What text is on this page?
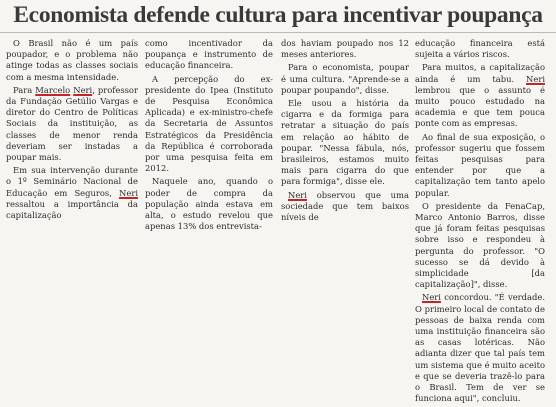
Economista defende cultura para incentivar poupança

O Brasil não é um país poupador, e o problema não atinge todas as classes sociais com a mesma intensidade.

Para Marcelo Neri, professor da Fundação Getúlio Vargas e diretor do Centro de Políticas Sociais da instituição, as classes de menor renda deveriam ser instadas a poupar mais.

Em sua intervenção durante o 1º Seminário Nacional de Educação em Seguros, Neri ressaltou a importância da capitalização

como incentivador da poupança e instrumento de educação financeira.

A percepção do ex-presidente do Ipea (Instituto de Pesquisa Econômica Aplicada) e ex-ministro-chefe da Secretaria de Assuntos Estratégicos da Presidência da República é corroborada por uma pesquisa feita em 2012.

Naquele ano, quando o poder de compra da população ainda estava em alta, o estudo revelou que apenas 13% dos entrevista-

dos haviam poupado nos 12 meses anteriores.

Para o economista, poupar é uma cultura. "Aprende-se a poupar poupando", disse.

Ele usou a história da cigarra e da formiga para retratar a situação do país em relação ao hábito de poupar. "Nessa fábula, nós, brasileiros, estamos muito mais para cigarra do que para formiga", disse ele.

Neri observou que uma sociedade que tem baixos níveis de

educação financeira está sujeita a vários riscos.

Para muitos, a capitalização ainda é um tabu. Neri lembrou que o assunto é muito pouco estudado na academia e que tem pouca ponte com as empresas.

Ao final de sua exposição, o professor sugeriu que fossem feitas pesquisas para entender por que a capitalização tem tanto apelo popular.

O presidente da FenaCap, Marco Antonio Barros, disse que já foram feitas pesquisas sobre isso e respondeu à pergunta do professor. "O sucesso se dá devido à simplicidade [da capitalização]", disse.

Neri concordou. "É verdade. O primeiro local de contato de pessoas de baixa renda com uma instituição financeira são as casas lotéricas. Não adianta dizer que tal país tem um sistema que é muito aceito e que se deveria trazê-lo para o Brasil. Tem de ver se funciona aqui", concluiu.
